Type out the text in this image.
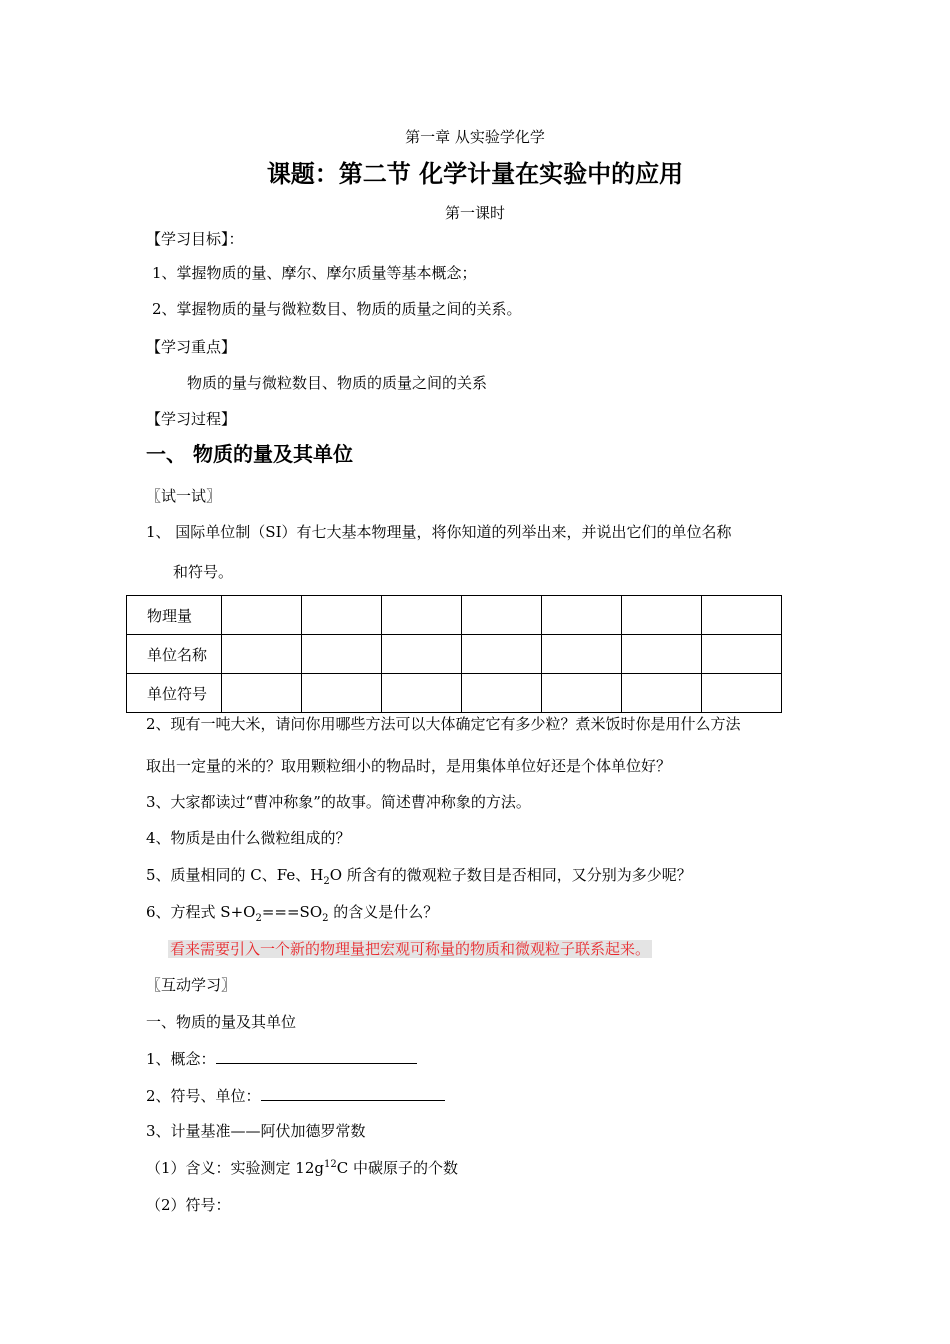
第一章 从实验学化学
课题：第二节 化学计量在实验中的应用
第一课时
【学习目标】：
1、掌握物质的量、摩尔、摩尔质量等基本概念；
2、掌握物质的量与微粒数目、物质的质量之间的关系。
【学习重点】
物质的量与微粒数目、物质的质量之间的关系
【学习过程】
一、 物质的量及其单位
〖试一试〗
1、 国际单位制（SI）有七大基本物理量，将你知道的列举出来，并说出它们的单位名称
和符号。
物理量							
单位名称							
单位符号							
2、现有一吨大米，请问你用哪些方法可以大体确定它有多少粒？煮米饭时你是用什么方法
取出一定量的米的？取用颗粒细小的物品时，是用集体单位好还是个体单位好？
3、大家都读过“曹冲称象”的故事。简述曹冲称象的方法。
4、物质是由什么微粒组成的？
5、质量相同的 C、Fe、$H_2O$ 所含有的微观粒子数目是否相同，又分别为多少呢？
6、方程式 $S+O_2===SO_2$ 的含义是什么？
看来需要引入一个新的物理量把宏观可称量的物质和微观粒子联系起来。
〖互动学习〗
一、物质的量及其单位
1、概念：
2、符号、单位：
3、计量基准——阿伏加德罗常数
（1）含义：实验测定 $12g^{12}C$ 中碳原子的个数
（2）符号：
